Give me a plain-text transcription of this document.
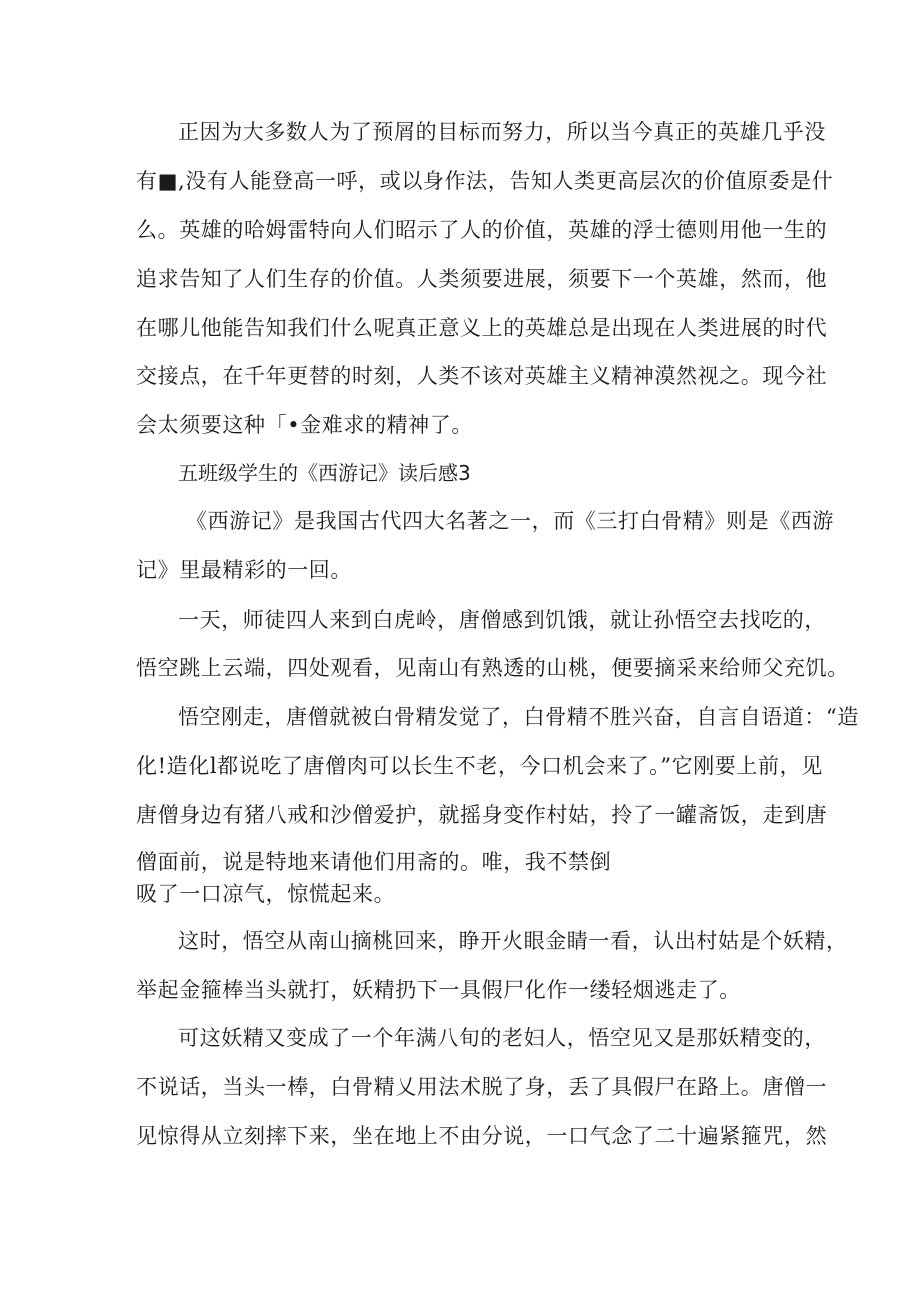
正因为大多数人为了预屑的目标而努力，所以当今真正的英雄几乎没
有■,没有人能登高一呼，或以身作法，告知人类更高层次的价值原委是什
么。英雄的哈姆雷特向人们昭示了人的价值，英雄的浮士德则用他一生的
追求告知了人们生存的价值。人类须要进展，须要下一个英雄，然而，他
在哪儿他能告知我们什么呢真正意义上的英雄总是出现在人类进展的时代
交接点，在千年更替的时刻，人类不该对英雄主义精神漠然视之。现今社
会太须要这种「•金难求的精神了。
五班级学生的《西游记》读后感3
《西游记》是我国古代四大名著之一，而《三打白骨精》则是《西游
记》里最精彩的一回。
一天，师徒四人来到白虎岭，唐僧感到饥饿，就让孙悟空去找吃的，
悟空跳上云端，四处观看，见南山有熟透的山桃，便要摘采来给师父充饥。
悟空刚走，唐僧就被白骨精发觉了，白骨精不胜兴奋，自言自语道：“造
化!造化l都说吃了唐僧肉可以长生不老，今口机会来了。”它刚要上前，见
唐僧身边有猪八戒和沙僧爱护，就摇身变作村姑，拎了一罐斋饭，走到唐
僧面前，说是特地来请他们用斋的。唯，我不禁倒
吸了一口凉气，惊慌起来。
这时，悟空从南山摘桃回来，睁开火眼金睛一看，认出村姑是个妖精，
举起金箍棒当头就打，妖精扔下一具假尸化作一缕轻烟逃走了。
可这妖精又变成了一个年满八旬的老妇人，悟空见又是那妖精变的，
不说话，当头一棒，白骨精乂用法术脱了身，丢了具假尸在路上。唐僧一
见惊得从立刻摔下来，坐在地上不由分说，一口气念了二十遍紧箍咒，然
